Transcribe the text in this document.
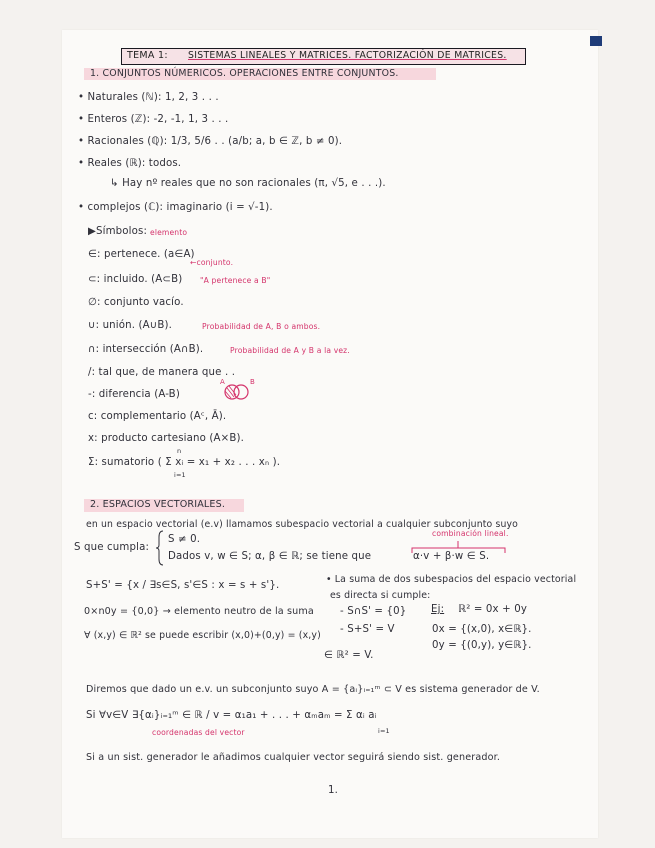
TEMA 1: SISTEMAS LINEALES Y MATRICES. FACTORIZACIÓN DE MATRICES.
1. CONJUNTOS NÚMERICOS. OPERACIONES ENTRE CONJUNTOS.
• Naturales (ℕ): 1, 2, 3 . . .
• Enteros (ℤ): -2, -1, 1, 3 . . .
• Racionales (ℚ): 1/3, 5/6 . . (a/b; a, b ∈ ℤ, b ≠ 0).
• Reales (ℝ): todos.
↳ Hay nº reales que no son racionales (π, √5, e . . .).
• complejos (ℂ): imaginario (i = √-1).
▶Símbolos: elemento
∈: pertenece. (a∈A)
←conjunto.
⊂: incluido. (A⊂B) "A pertenece a B"
∅: conjunto vacío.
∪: unión. (A∪B).	Probabilidad de A, B o ambos.
∩: intersección (A∩B).	Probabilidad de A y B a la vez.
/: tal que, de manera que . .
-: diferencia (A-B)
A	B
c: complementario (Aᶜ, Ā).
x: producto cartesiano (A×B).
Σ: sumatorio ( Σ xᵢ = x₁ + x₂ . . . xₙ ).
n
i=1
2. ESPACIOS VECTORIALES.
en un espacio vectorial (e.v) llamamos subespacio vectorial a cualquier subconjunto suyo
S que cumpla:
S ≠ 0.
Dados v, w ∈ S; α, β ∈ ℝ; se tiene que
combinación lineal.
α·v + β·w ∈ S.
S+S' = {x / ∃s∈S, s'∈S : x = s + s'}.
• La suma de dos subespacios del espacio vectorial
es directa si cumple:
0×n0y = {0,0} → elemento neutro de la suma	- S∩S' = {0}
- S+S' = V
Ej: ℝ² = 0x + 0y
0x = {(x,0), x∈ℝ}.
0y = {(0,y), y∈ℝ}.
∀ (x,y) ∈ ℝ² se puede escribir (x,0)+(0,y) = (x,y)
∈ ℝ² = V.
Diremos que dado un e.v. un subconjunto suyo A = {aᵢ}ᵢ₌₁ᵐ ⊂ V es sistema generador de V.
Si ∀v∈V ∃{αᵢ}ᵢ₌₁ᵐ ∈ ℝ / v = α₁a₁ + . . . + αₘaₘ = Σ αᵢ aᵢ
i=1
coordenadas del vector
Si a un sist. generador le añadimos cualquier vector seguirá siendo sist. generador.
1.
